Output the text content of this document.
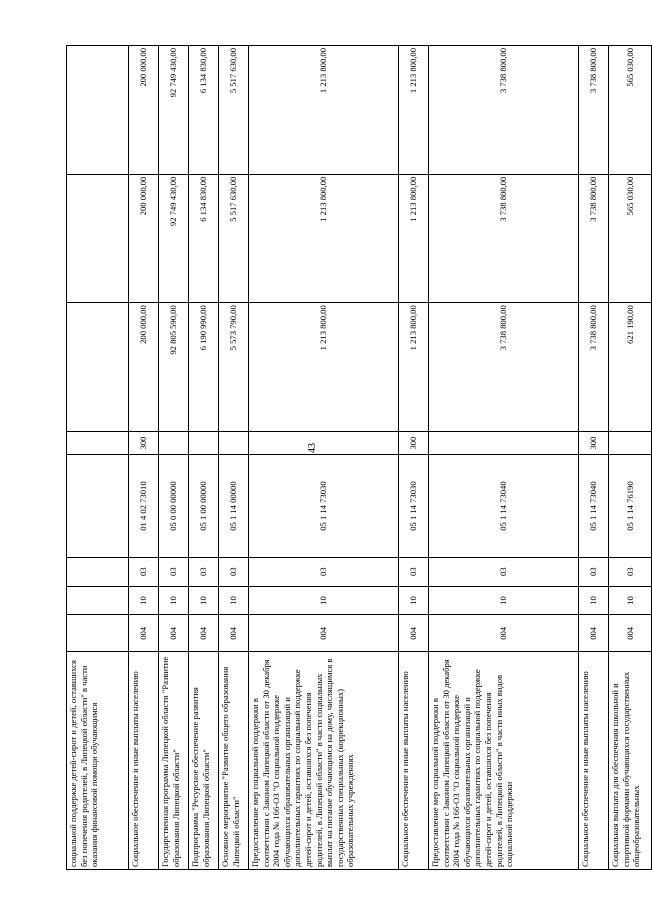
43
социальной поддержке детей-сирот и детей, оставшихся без попечения родителей, в Липецкой области" в части оказания финансовой помощи обучающимся								
Социальное обеспечение и иные выплаты населению	004	10	03	01 4 02 73010	300	200 000,00	200 000,00	200 000,00
Государственная программа Липецкой области "Развитие образования Липецкой области"	004	10	03	05 0 00 00000		92 805 590,00	92 749 430,00	92 749 430,00
Подпрограмма "Ресурсное обеспечение развития образования Липецкой области"	004	10	03	05 1 00 00000		6 190 990,00	6 134 830,00	6 134 830,00
Основное мероприятие "Развитие общего образования Липецкой области"	004	10	03	05 1 14 00000		5 573 790,00	5 517 630,00	5 517 630,00
Предоставление мер социальной поддержки в соответствии с Законом Липецкой области от 30 декабря 2004 года № 166-ОЗ "О социальной поддержке обучающихся образовательных организаций и дополнительных гарантиях по социальной поддержке детей-сирот и детей, оставшихся без попечения родителей, в Липецкой области" в части социальных выплат на питание обучающимся на дому, числящимся в государственных специальных (коррекционных) образовательных учреждениях	004	10	03	05 1 14 73030		1 213 800,00	1 213 800,00	1 213 800,00
Социальное обеспечение и иные выплаты населению	004	10	03	05 1 14 73030	300	1 213 800,00	1 213 800,00	1 213 800,00
Предоставление мер социальной поддержки в соответствии с Законом Липецкой области от 30 декабря 2004 года № 166-ОЗ "О социальной поддержке обучающихся образовательных организаций и дополнительных гарантиях по социальной поддержке детей-сирот и детей, оставшихся без попечения родителей, в Липецкой области" в части иных видов социальной поддержки	004	10	03	05 1 14 73040		3 738 800,00	3 738 800,00	3 738 800,00
Социальное обеспечение и иные выплаты населению	004	10	03	05 1 14 73040	300	3 738 800,00	3 738 800,00	3 738 800,00
Социальная выплата для обеспечения школьной и спортивной формами обучающихся государственных общеобразовательных	004	10	03	05 1 14 76190		621 190,00	565 030,00	565 030,00
